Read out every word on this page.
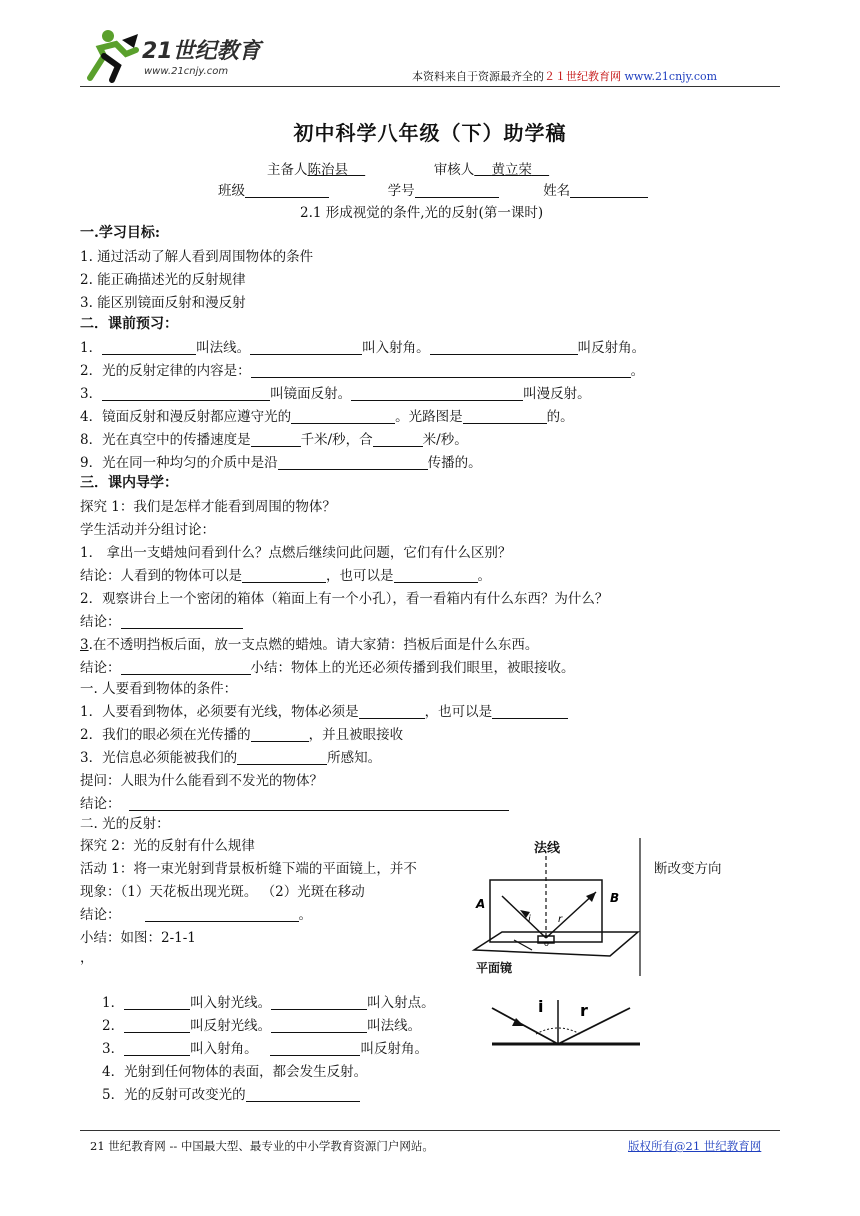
21世纪教育
www.21cnjy.com	本资料来自于资源最齐全的２１世纪教育网 www.21cnjy.com
初中科学八年级（下）助学稿
主备人陈治县	审核人 黄立荣
班级	学号	姓名
2.1 形成视觉的条件,光的反射(第一课时)
一.学习目标:
1. 通过活动了解人看到周围物体的条件
2. 能正确描述光的反射规律
3. 能区别镜面反射和漫反射
二．课前预习：
1．	叫法线。	叫入射角。	叫反射角。
2．光的反射定律的内容是：	。
3．	叫镜面反射。	叫漫反射。
4．镜面反射和漫反射都应遵守光的	。光路图是	的。
8．光在真空中的传播速度是	千米/秒，合	米/秒。
9．光在同一种均匀的介质中是沿	传播的。
三．课内导学：
探究 1：我们是怎样才能看到周围的物体？
学生活动并分组讨论：
1． 拿出一支蜡烛问看到什么？点燃后继续问此问题，它们有什么区别？
结论：人看到的物体可以是	，也可以是	。
2．观察讲台上一个密闭的箱体（箱面上有一个小孔），看一看箱内有什么东西？为什么？
结论：
3.在不透明挡板后面，放一支点燃的蜡烛。请大家猜：挡板后面是什么东西。
结论：	小结：物体上的光还必须传播到我们眼里，被眼接收。
一. 人要看到物体的条件：
1．人要看到物体，必须要有光线，物体必须是	，也可以是
2．我们的眼必须在光传播的	，并且被眼接收
3．光信息必须能被我们的	所感知。
提问：人眼为什么能看到不发光的物体？
结论：
二. 光的反射：
探究 2：光的反射有什么规律
活动 1：将一束光射到背景板析缝下端的平面镜上，并不	断改变方向
现象：（1）天花板出现光斑。 （2）光斑在移动
结论：	。
小结：如图：2-1-1
，
法线
A	B
i	r
o
平面镜
1．	叫入射光线。	叫入射点。
2．	叫反射光线。	叫法线。
3．	叫入射角。	叫反射角。
4．光射到任何物体的表面，都会发生反射。
5．光的反射可改变光的
i r
21 世纪教育网 -- 中国最大型、最专业的中小学教育资源门户网站。	版权所有@21 世纪教育网
